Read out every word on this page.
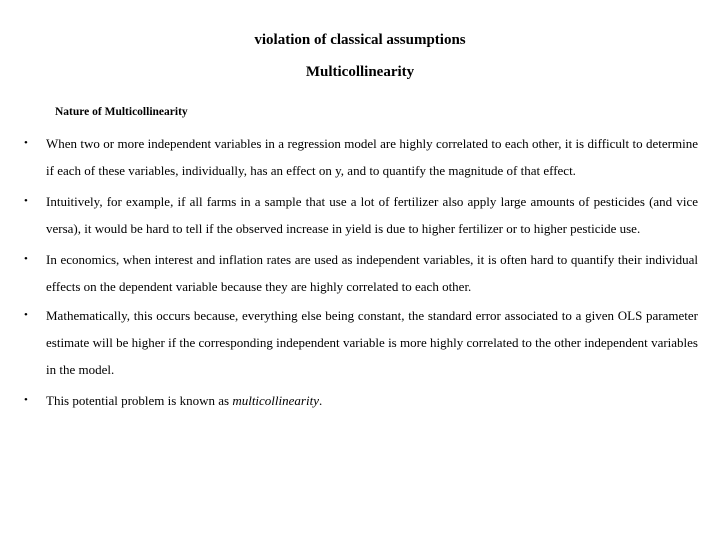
violation of classical assumptions
Multicollinearity
Nature of Multicollinearity
• When two or more independent variables in a regression model are highly correlated to each other, it is difficult to determine if each of these variables, individually, has an effect on y, and to quantify the magnitude of that effect.
• Intuitively, for example, if all farms in a sample that use a lot of fertilizer also apply large amounts of pesticides (and vice versa), it would be hard to tell if the observed increase in yield is due to higher fertilizer or to higher pesticide use.
• In economics, when interest and inflation rates are used as independent variables, it is often hard to quantify their individual effects on the dependent variable because they are highly correlated to each other.
• Mathematically, this occurs because, everything else being constant, the standard error associated to a given OLS parameter estimate will be higher if the corresponding independent variable is more highly correlated to the other independent variables in the model.
• This potential problem is known as multicollinearity.
